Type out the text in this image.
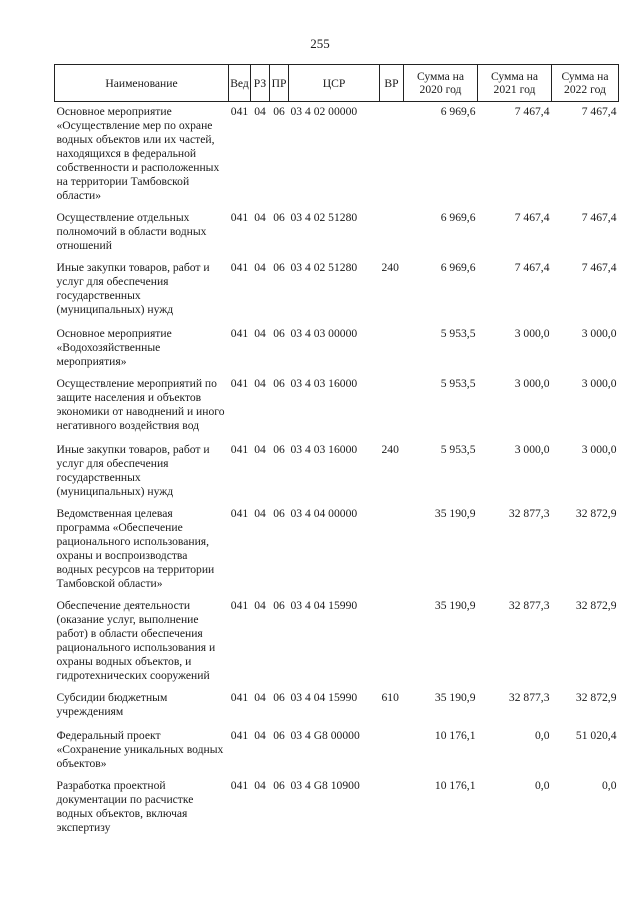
255
Наименование	Вед	РЗ	ПР	ЦСР	ВР	Сумма на 2020 год	Сумма на 2021 год	Сумма на 2022 год
Основное мероприятие «Осуществление мер по охране водных объектов или их частей, находящихся в федеральной собственности и расположенных на территории Тамбовской области»	041	04	06	03 4 02 00000		6 969,6	7 467,4	7 467,4
Осуществление отдельных полномочий в области водных отношений	041	04	06	03 4 02 51280		6 969,6	7 467,4	7 467,4
Иные закупки товаров, работ и услуг для обеспечения государственных (муниципальных) нужд	041	04	06	03 4 02 51280	240	6 969,6	7 467,4	7 467,4
Основное мероприятие «Водохозяйственные мероприятия»	041	04	06	03 4 03 00000		5 953,5	3 000,0	3 000,0
Осуществление мероприятий по защите населения и объектов экономики от наводнений и иного негативного воздействия вод	041	04	06	03 4 03 16000		5 953,5	3 000,0	3 000,0
Иные закупки товаров, работ и услуг для обеспечения государственных (муниципальных) нужд	041	04	06	03 4 03 16000	240	5 953,5	3 000,0	3 000,0
Ведомственная целевая программа «Обеспечение рационального использования, охраны и воспроизводства водных ресурсов на территории Тамбовской области»	041	04	06	03 4 04 00000		35 190,9	32 877,3	32 872,9
Обеспечение деятельности (оказание услуг, выполнение работ) в области обеспечения рационального использования и охраны водных объектов, и гидротехнических сооружений	041	04	06	03 4 04 15990		35 190,9	32 877,3	32 872,9
Субсидии бюджетным учреждениям	041	04	06	03 4 04 15990	610	35 190,9	32 877,3	32 872,9
Федеральный проект «Сохранение уникальных водных объектов»	041	04	06	03 4 G8 00000		10 176,1	0,0	51 020,4
Разработка проектной документации по расчистке водных объектов, включая экспертизу	041	04	06	03 4 G8 10900		10 176,1	0,0	0,0
